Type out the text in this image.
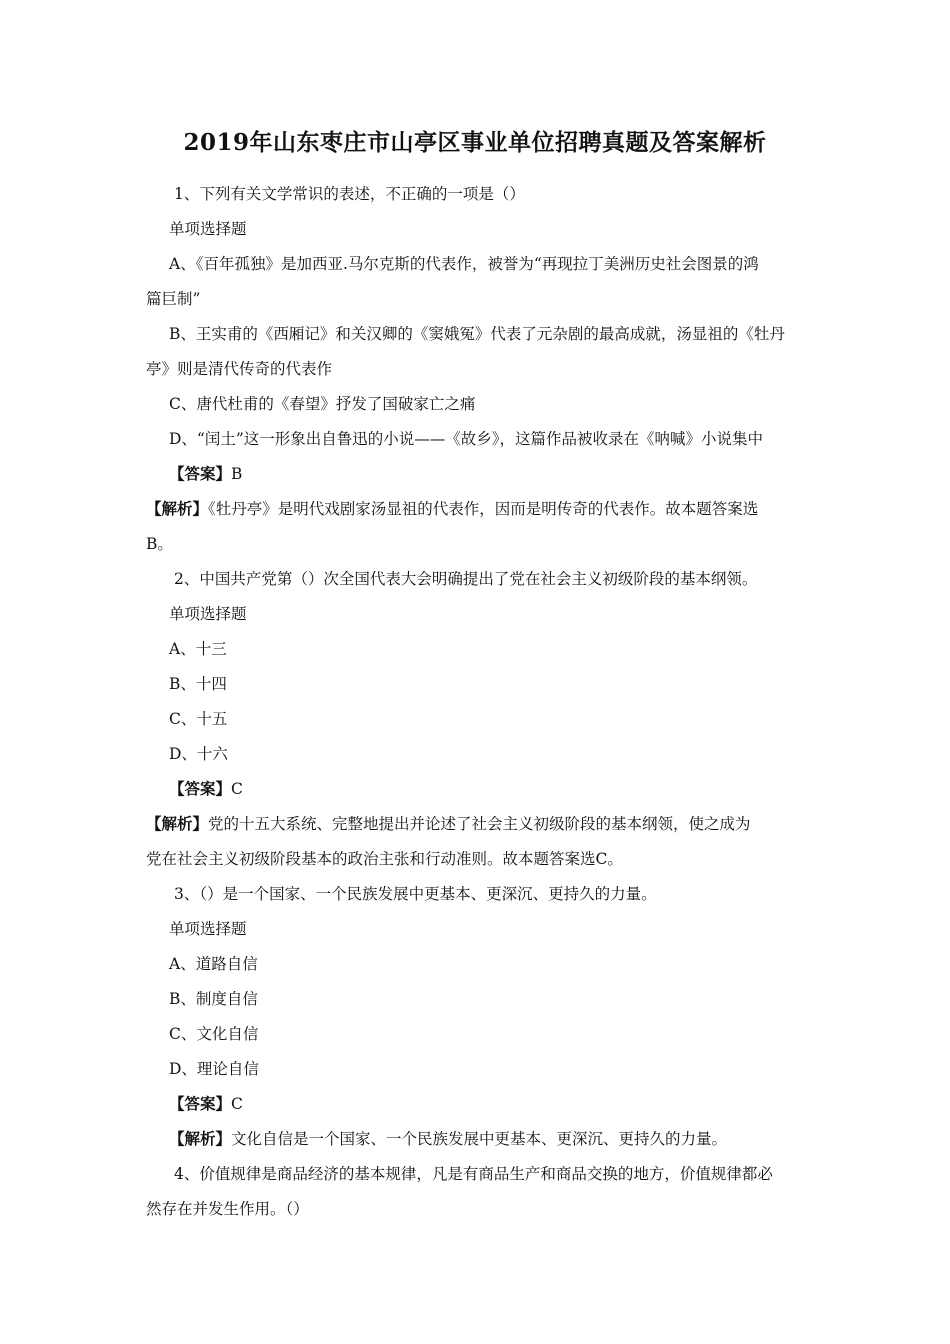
2019年山东枣庄市山亭区事业单位招聘真题及答案解析
1、下列有关文学常识的表述，不正确的一项是（）
单项选择题
A、《百年孤独》是加西亚.马尔克斯的代表作，被誉为“再现拉丁美洲历史社会图景的鸿
篇巨制”
B、王实甫的《西厢记》和关汉卿的《窦娥冤》代表了元杂剧的最高成就，汤显祖的《牡丹
亭》则是清代传奇的代表作
C、唐代杜甫的《春望》抒发了国破家亡之痛
D、“闰土”这一形象出自鲁迅的小说——《故乡》，这篇作品被收录在《呐喊》小说集中
【答案】B
【解析】《牡丹亭》是明代戏剧家汤显祖的代表作，因而是明传奇的代表作。故本题答案选
B。
2、中国共产党第（）次全国代表大会明确提出了党在社会主义初级阶段的基本纲领。
单项选择题
A、十三
B、十四
C、十五
D、十六
【答案】C
【解析】党的十五大系统、完整地提出并论述了社会主义初级阶段的基本纲领，使之成为
党在社会主义初级阶段基本的政治主张和行动准则。故本题答案选C。
3、（）是一个国家、一个民族发展中更基本、更深沉、更持久的力量。
单项选择题
A、道路自信
B、制度自信
C、文化自信
D、理论自信
【答案】C
【解析】文化自信是一个国家、一个民族发展中更基本、更深沉、更持久的力量。
4、价值规律是商品经济的基本规律，凡是有商品生产和商品交换的地方，价值规律都必
然存在并发生作用。（）
